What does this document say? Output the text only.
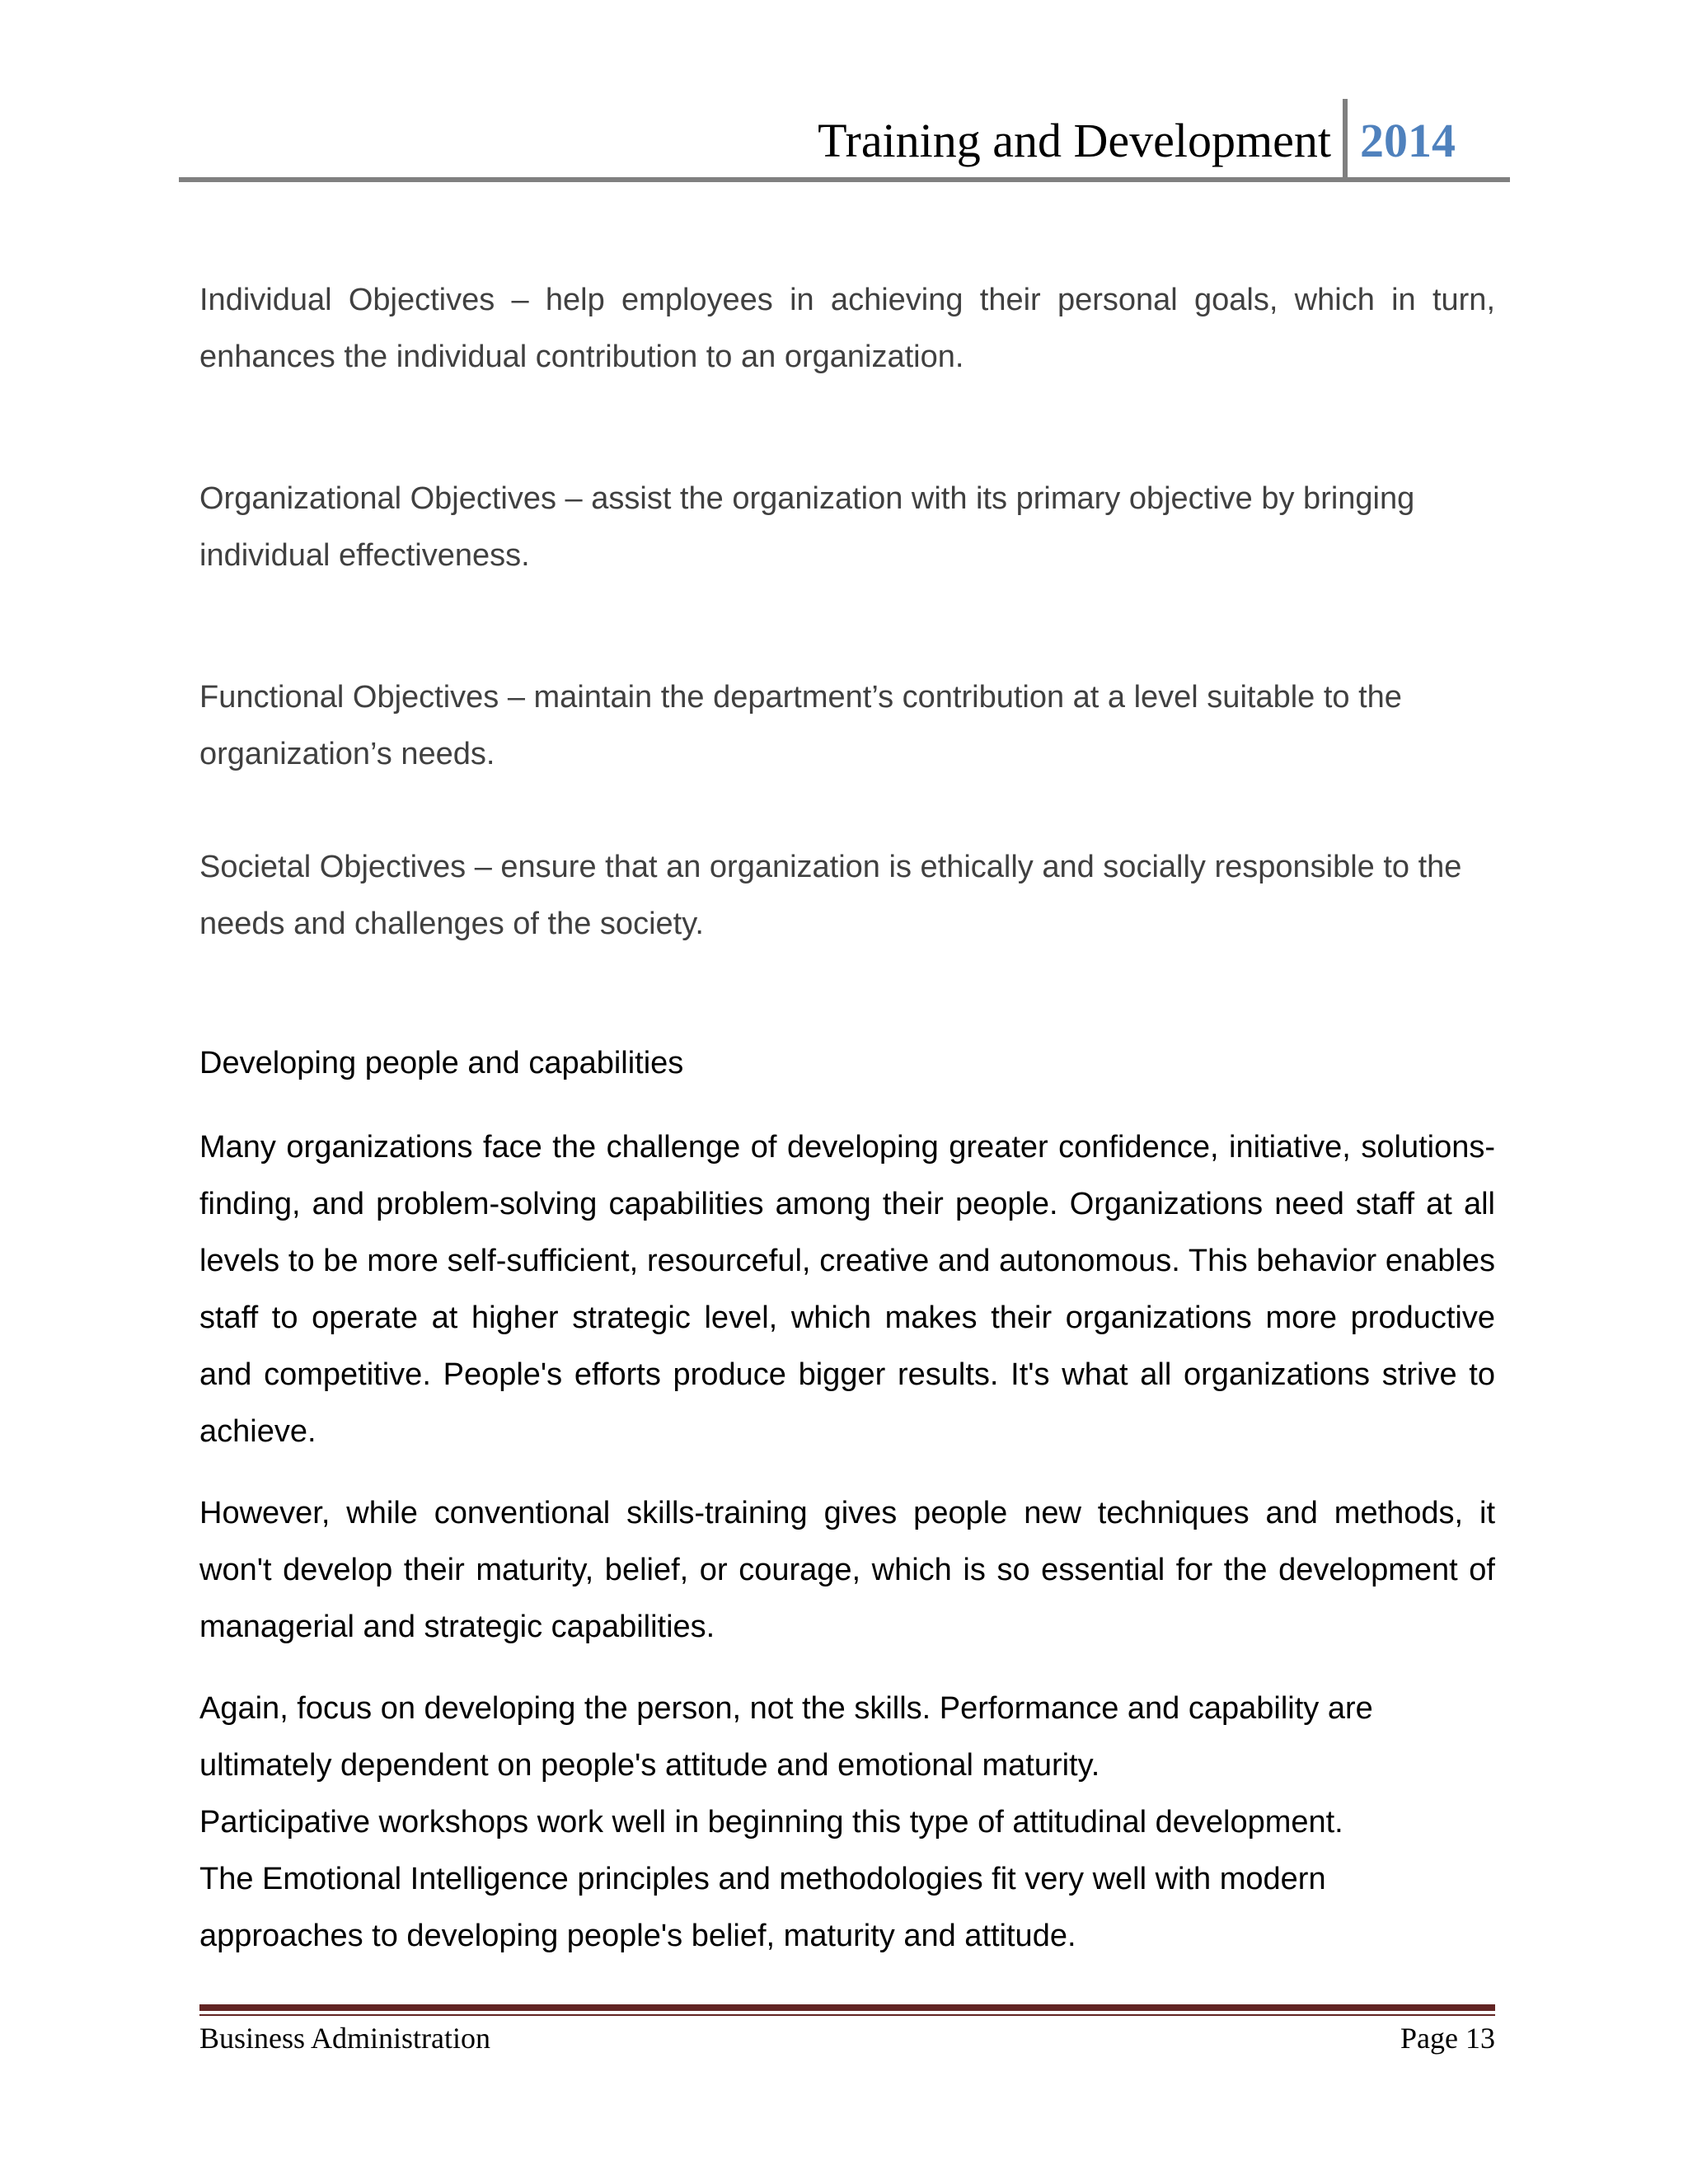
Training and Development 2014

Individual Objectives – help employees in achieving their personal goals, which in turn, enhances the individual contribution to an organization.

Organizational Objectives – assist the organization with its primary objective by bringing individual effectiveness.

Functional Objectives – maintain the department’s contribution at a level suitable to the organization’s needs.

Societal Objectives – ensure that an organization is ethically and socially responsible to the needs and challenges of the society.

Developing people and capabilities

Many organizations face the challenge of developing greater confidence, initiative, solutions-finding, and problem-solving capabilities among their people. Organizations need staff at all levels to be more self-sufficient, resourceful, creative and autonomous. This behavior enables staff to operate at higher strategic level, which makes their organizations more productive and competitive. People's efforts produce bigger results. It's what all organizations strive to achieve.

However, while conventional skills-training gives people new techniques and methods, it won't develop their maturity, belief, or courage, which is so essential for the development of managerial and strategic capabilities.

Again, focus on developing the person, not the skills. Performance and capability are ultimately dependent on people's attitude and emotional maturity.

Participative workshops work well in beginning this type of attitudinal development.

The Emotional Intelligence principles and methodologies fit very well with modern approaches to developing people's belief, maturity and attitude.

Business Administration	Page 13
